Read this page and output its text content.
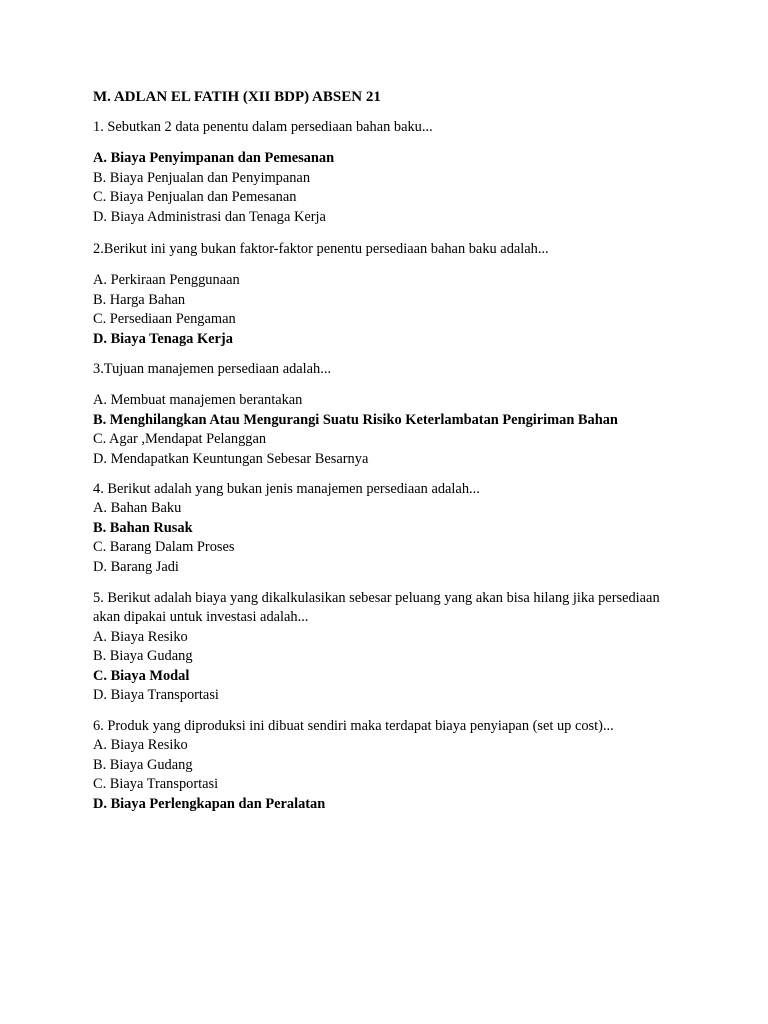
M. ADLAN EL FATIH (XII BDP) ABSEN 21

1. Sebutkan 2 data penentu dalam persediaan bahan baku...

A. Biaya Penyimpanan dan Pemesanan

B. Biaya Penjualan dan Penyimpanan

C. Biaya Penjualan dan Pemesanan

D. Biaya Administrasi dan Tenaga Kerja

2.Berikut ini yang bukan faktor-faktor penentu persediaan bahan baku adalah...

A. Perkiraan Penggunaan

B. Harga Bahan

C. Persediaan Pengaman

D. Biaya Tenaga Kerja

3.Tujuan manajemen persediaan adalah...

A. Membuat manajemen berantakan

B. Menghilangkan Atau Mengurangi Suatu Risiko Keterlambatan Pengiriman Bahan

C. Agar ,Mendapat Pelanggan

D. Mendapatkan Keuntungan Sebesar Besarnya

4. Berikut adalah yang bukan jenis manajemen persediaan adalah...

A. Bahan Baku

B. Bahan Rusak

C. Barang Dalam Proses

D. Barang Jadi

5. Berikut adalah biaya yang dikalkulasikan sebesar peluang yang akan bisa hilang jika persediaan akan dipakai untuk investasi adalah...

A. Biaya Resiko

B. Biaya Gudang

C. Biaya Modal

D. Biaya Transportasi

6. Produk yang diproduksi ini dibuat sendiri maka terdapat biaya penyiapan (set up cost)...

A. Biaya Resiko

B. Biaya Gudang

C. Biaya Transportasi

D. Biaya Perlengkapan dan Peralatan
